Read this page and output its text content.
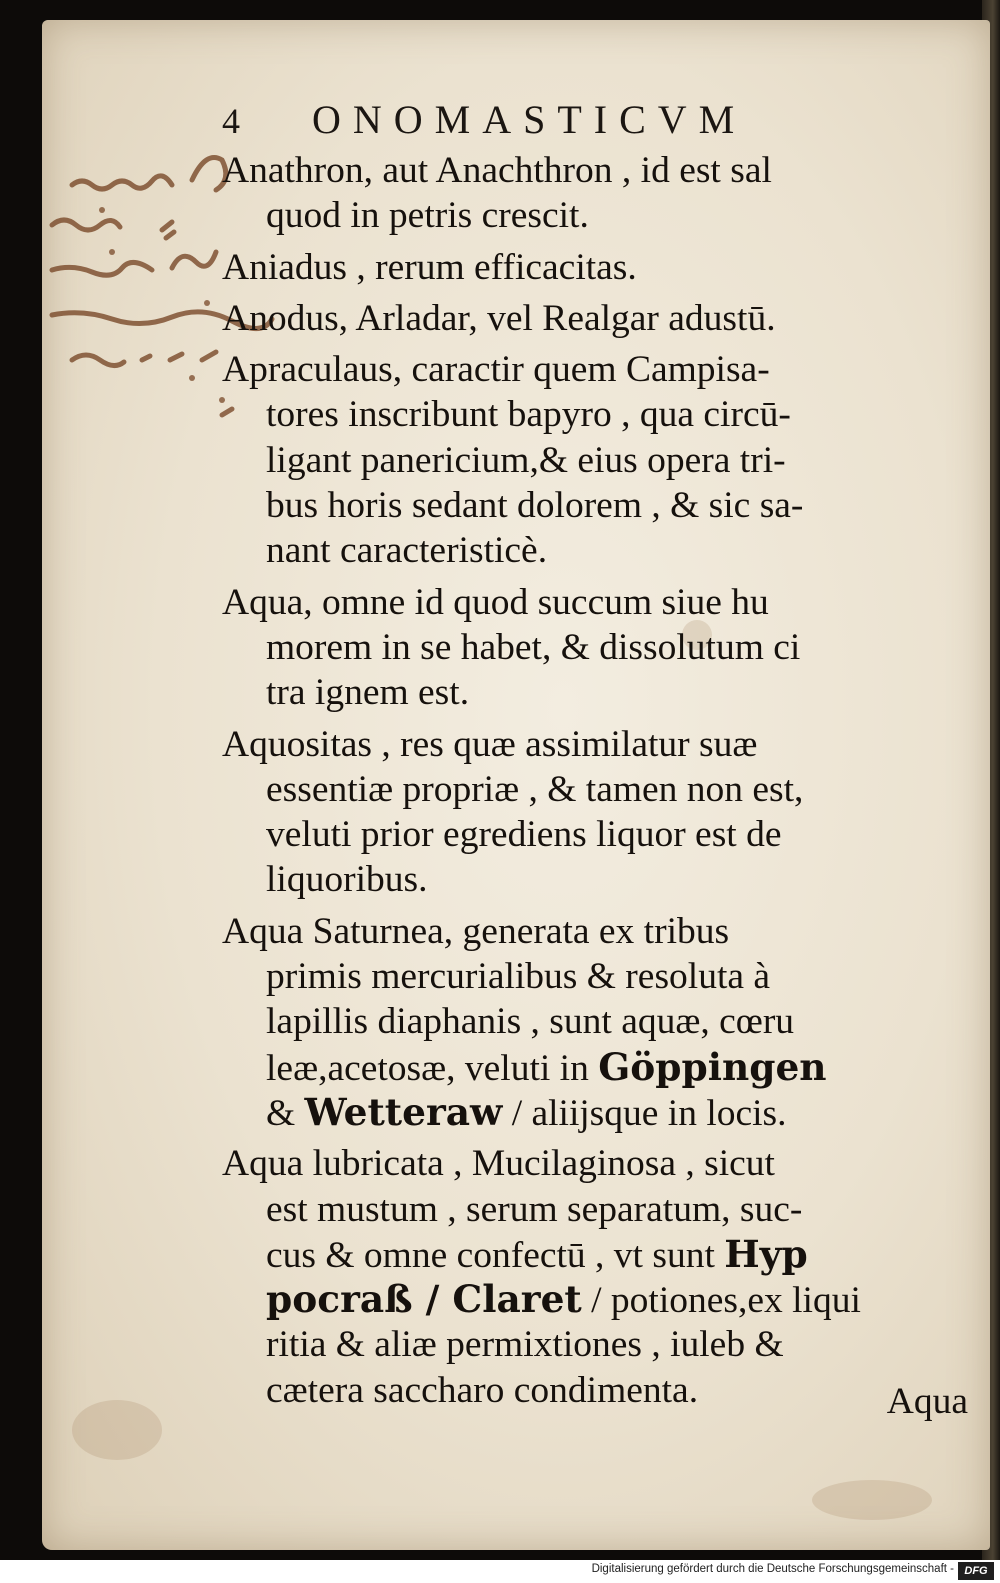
4 ONOMASTICVM
Anathron, aut Anachthron , id est sal
quod in petris crescit.
Aniadus , rerum efficacitas.
Anodus, Arladar, vel Realgar adustū.
Apraculaus, caractir quem Campisa-
tores inscribunt bapyro , qua circū-
ligant panericium,& eius opera tri-
bus horis sedant dolorem , & sic sa-
nant caracteristicè.
Aqua, omne id quod succum siue hu
morem in se habet, & dissolutum ci
tra ignem est.
Aquositas , res quæ assimilatur suæ
essentiæ propriæ , & tamen non est,
veluti prior egrediens liquor est de
liquoribus.
Aqua Saturnea, generata ex tribus
primis mercurialibus & resoluta à
lapillis diaphanis , sunt aquæ, cœru
leæ,acetosæ, veluti in Göppingen
& Wetteraw / aliĳsque in locis.
Aqua lubricata , Mucilaginosa , sicut
est mustum , serum separatum, suc-
cus & omne confectū , vt sunt Hyp
pocraß / Claret / potiones,ex liqui
ritia & aliæ permixtiones , iuleb &
cætera saccharo condimenta.	Aqua
Digitalisierung gefördert durch die Deutsche Forschungsgemeinschaft - DFG
